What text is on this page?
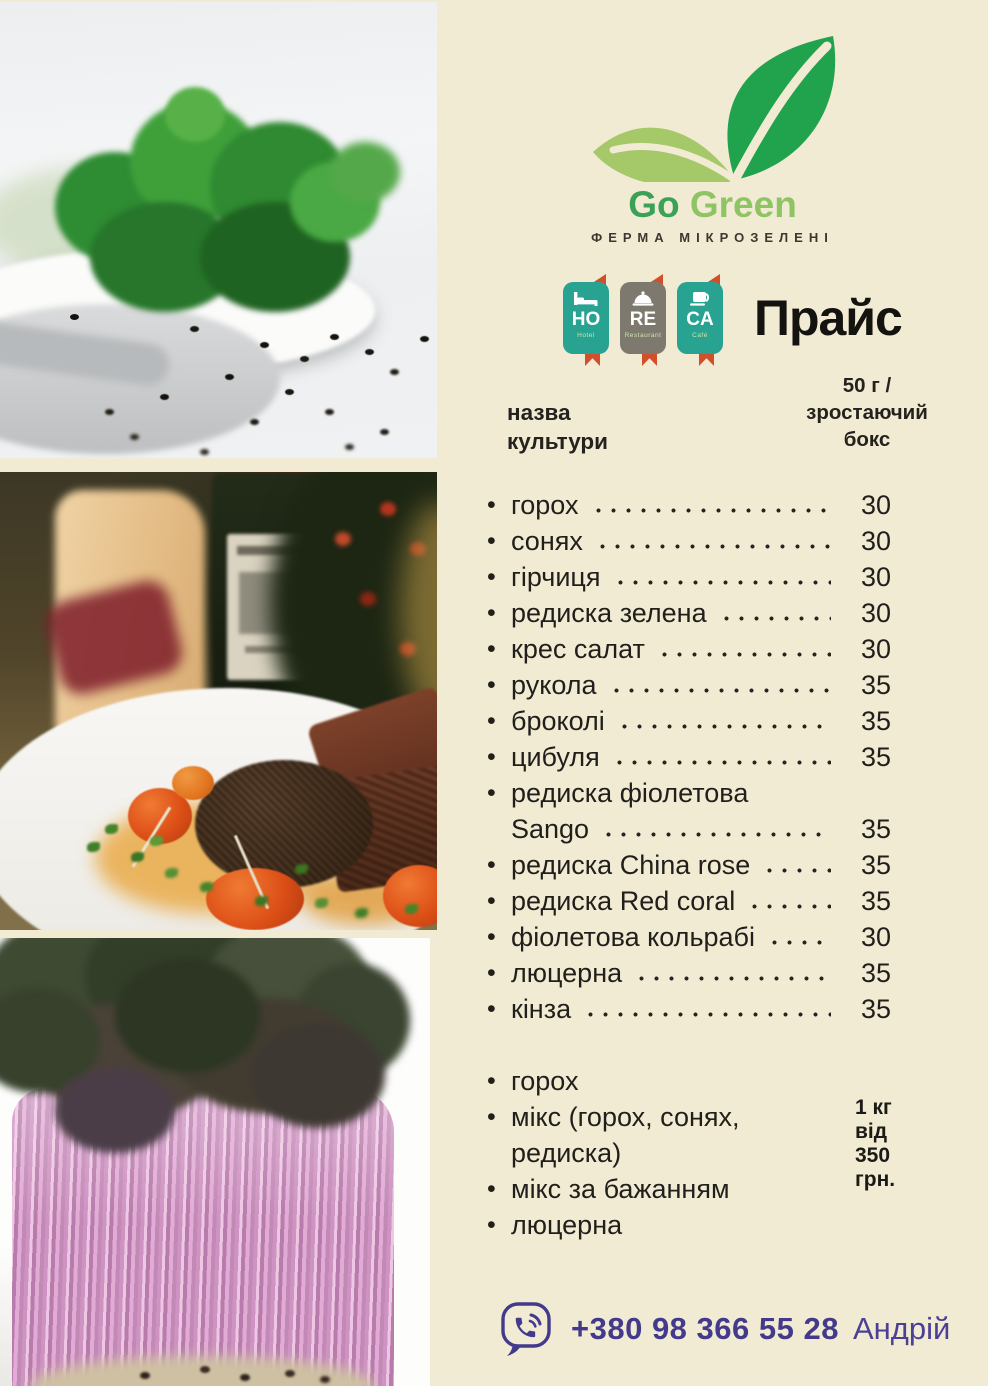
Go Green
ФЕРМА МІКРОЗЕЛЕНІ
HO
Hotel
RE
Restaurant
CA
Café Прайс
назва
культури
50 г /
зростаючий
бокс
• горох	30
• сонях	30
• гірчиця	30
• редиска зелена	30
• крес салат	30
• рукола	35
• броколі	35
• цибуля	35
• редиска фіолетова
Sango	35
• редиска China rose	35
• редиска Red coral	35
• фіолетова кольрабі	30
• люцерна	35
• кінза	35
• горох
• мікс (горох, сонях,
редиска)
• мікс за бажанням
• люцерна
1 кг
від
350
грн.
+380 98 366 55 28 Андрій
